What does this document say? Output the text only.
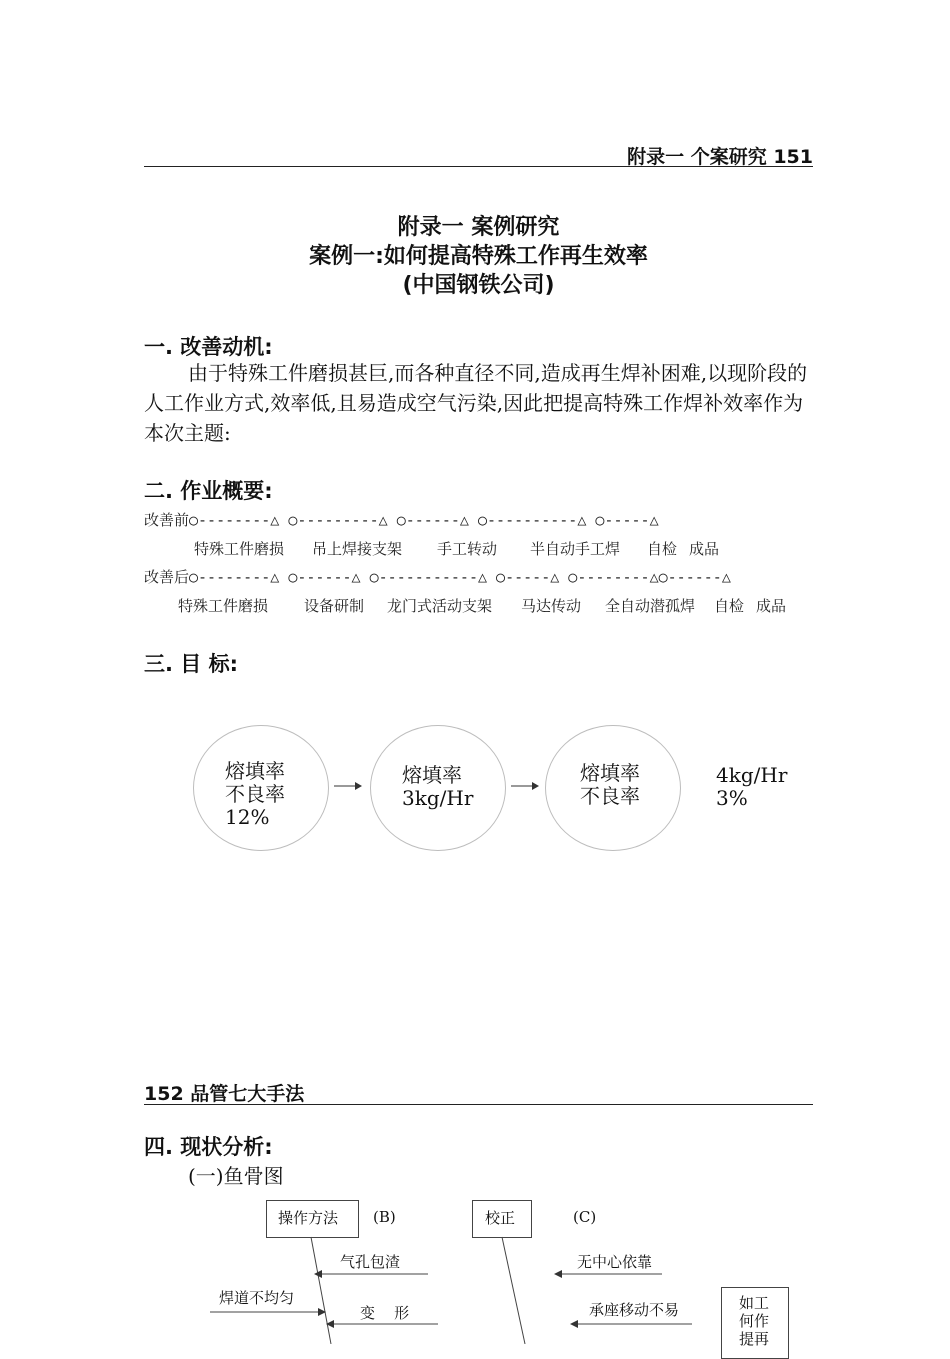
附录一 个案研究 151
附录一 案例研究
案例一:如何提高特殊工作再生效率
(中国钢铁公司)
一. 改善动机:
由于特殊工件磨损甚巨,而各种直径不同,造成再生焊补困难,以现阶段的人工作业方式,效率低,且易造成空气污染,因此把提高特殊工作焊补效率作为本次主题:
二. 作业概要:
改善前○--------△ ○---------△ ○------△ ○----------△ ○-----△
特殊工件磨损 吊上焊接支架 手工转动 半自动手工焊 自检 成品
改善后○--------△ ○------△ ○-----------△ ○-----△ ○--------△○------△
特殊工件磨损 设备研制 龙门式活动支架 马达传动 全自动潜孤焊 自检 成品
三. 目 标:
熔填率
不良率
12%
熔填率
3kg/Hr
熔填率
不良率
4kg/Hr
3%
152 品管七大手法
四. 现状分析:
(一)鱼骨图
操作方法 (B)	校正	(C)
气孔包渣
焊道不均匀
变    形
无中心依靠
承座移动不易	如工
何作
提再
